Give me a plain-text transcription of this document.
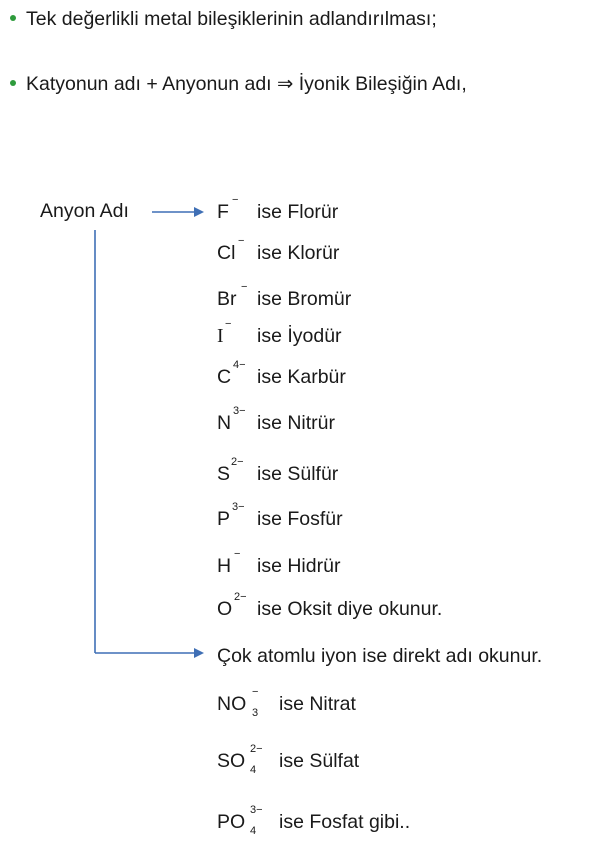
Tek değerlikli metal bileşiklerinin adlandırılması;
Katyonun adı + Anyonun adı ⇒ İyonik Bileşiğin Adı,
Anyon Adı	F
−
ise Florür
Cl
−
ise Klorür
Br
−
ise Bromür
I
−
ise İyodür
C
4−
ise Karbür
N
3−
ise Nitrür
S
2−
ise Sülfür
P
3−
ise Fosfür
H
−
ise Hidrür
O
2−
ise Oksit diye okunur.
Çok atomlu iyon ise direkt adı okunur.
NO
−
3 ise Nitrat
SO
2−
4 ise Sülfat
PO
3−
4 ise Fosfat gibi..
